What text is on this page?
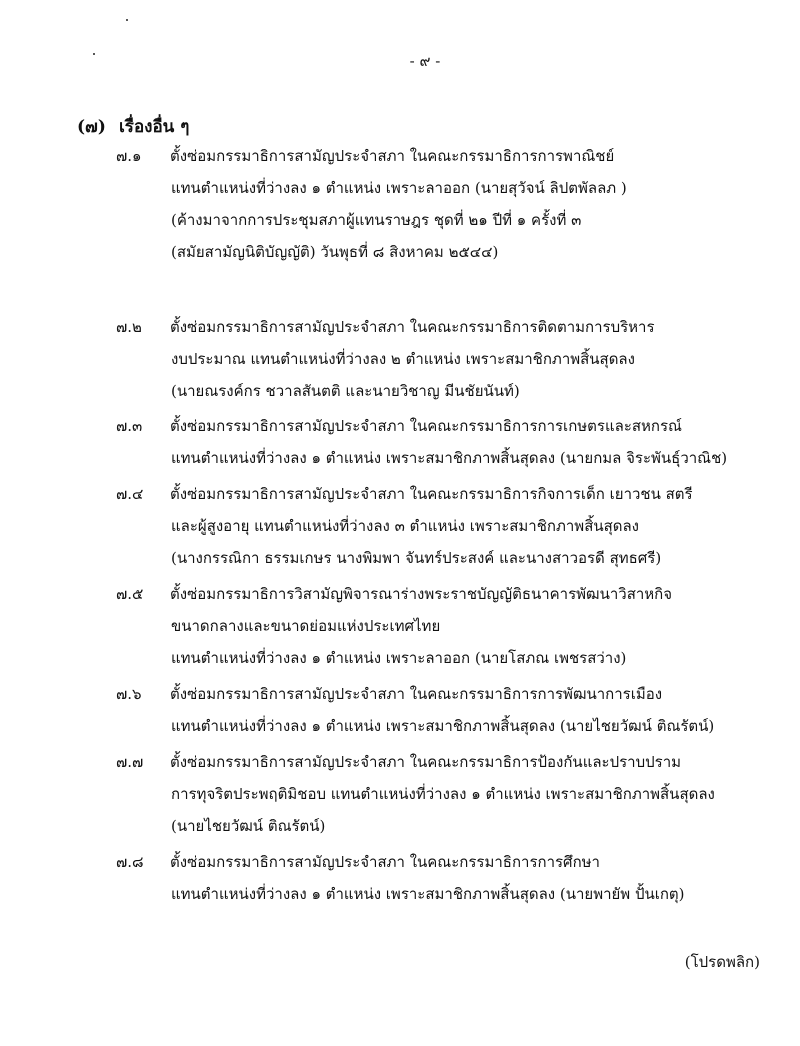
- ๙ -
(๗) เรื่องอื่น ๆ
๗.๑ ตั้งซ่อมกรรมาธิการสามัญประจำสภา ในคณะกรรมาธิการการพาณิชย์
แทนตำแหน่งที่ว่างลง ๑ ตำแหน่ง เพราะลาออก (นายสุวัจน์ ลิปตพัลลภ )
(ค้างมาจากการประชุมสภาผู้แทนราษฎร ชุดที่ ๒๑ ปีที่ ๑ ครั้งที่ ๓
(สมัยสามัญนิติบัญญัติ) วันพุธที่ ๘ สิงหาคม ๒๕๔๔)
๗.๒ ตั้งซ่อมกรรมาธิการสามัญประจำสภา ในคณะกรรมาธิการติดตามการบริหาร
งบประมาณ แทนตำแหน่งที่ว่างลง ๒ ตำแหน่ง เพราะสมาชิกภาพสิ้นสุดลง
(นายณรงค์กร ชวาลสันตติ และนายวิชาญ มีนชัยนันท์)
๗.๓ ตั้งซ่อมกรรมาธิการสามัญประจำสภา ในคณะกรรมาธิการการเกษตรและสหกรณ์
แทนตำแหน่งที่ว่างลง ๑ ตำแหน่ง เพราะสมาชิกภาพสิ้นสุดลง (นายกมล จิระพันธุ์วาณิช)
๗.๔ ตั้งซ่อมกรรมาธิการสามัญประจำสภา ในคณะกรรมาธิการกิจการเด็ก เยาวชน สตรี
และผู้สูงอายุ แทนตำแหน่งที่ว่างลง ๓ ตำแหน่ง เพราะสมาชิกภาพสิ้นสุดลง
(นางกรรณิกา ธรรมเกษร นางพิมพา จันทร์ประสงค์ และนางสาวอรดี สุทธศรี)
๗.๕ ตั้งซ่อมกรรมาธิการวิสามัญพิจารณาร่างพระราชบัญญัติธนาคารพัฒนาวิสาหกิจ
ขนาดกลางและขนาดย่อมแห่งประเทศไทย
แทนตำแหน่งที่ว่างลง ๑ ตำแหน่ง เพราะลาออก (นายโสภณ เพชรสว่าง)
๗.๖ ตั้งซ่อมกรรมาธิการสามัญประจำสภา ในคณะกรรมาธิการการพัฒนาการเมือง
แทนตำแหน่งที่ว่างลง ๑ ตำแหน่ง เพราะสมาชิกภาพสิ้นสุดลง (นายไชยวัฒน์ ติณรัตน์)
๗.๗ ตั้งซ่อมกรรมาธิการสามัญประจำสภา ในคณะกรรมาธิการป้องกันและปราบปราม
การทุจริตประพฤติมิชอบ แทนตำแหน่งที่ว่างลง ๑ ตำแหน่ง เพราะสมาชิกภาพสิ้นสุดลง
(นายไชยวัฒน์ ติณรัตน์)
๗.๘ ตั้งซ่อมกรรมาธิการสามัญประจำสภา ในคณะกรรมาธิการการศึกษา
แทนตำแหน่งที่ว่างลง ๑ ตำแหน่ง เพราะสมาชิกภาพสิ้นสุดลง (นายพายัพ ปั้นเกตุ)
(โปรดพลิก)
